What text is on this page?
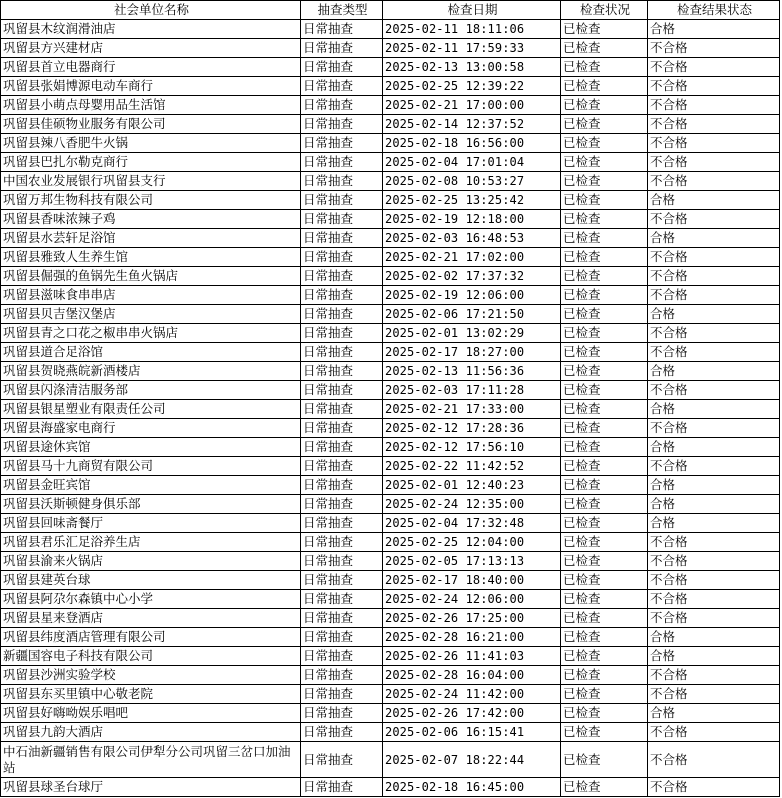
社会单位名称	抽查类型	检查日期	检查状况	检查结果状态
巩留县木纹润滑油店	日常抽查	2025-02-11 18:11:06	已检查	合格
巩留县方兴建材店	日常抽查	2025-02-11 17:59:33	已检查	不合格
巩留县首立电器商行	日常抽查	2025-02-13 13:00:58	已检查	不合格
巩留县张娟博源电动车商行	日常抽查	2025-02-25 12:39:22	已检查	不合格
巩留县小萌点母婴用品生活馆	日常抽查	2025-02-21 17:00:00	已检查	不合格
巩留县佳硕物业服务有限公司	日常抽查	2025-02-14 12:37:52	已检查	不合格
巩留县辣八香肥牛火锅	日常抽查	2025-02-18 16:56:00	已检查	不合格
巩留县巴扎尔勒克商行	日常抽查	2025-02-04 17:01:04	已检查	不合格
中国农业发展银行巩留县支行	日常抽查	2025-02-08 10:53:27	已检查	不合格
巩留万邦生物科技有限公司	日常抽查	2025-02-25 13:25:42	已检查	合格
巩留县香味浓辣子鸡	日常抽查	2025-02-19 12:18:00	已检查	不合格
巩留县水芸轩足浴馆	日常抽查	2025-02-03 16:48:53	已检查	合格
巩留县雅致人生养生馆	日常抽查	2025-02-21 17:02:00	已检查	不合格
巩留县倔强的鱼锅先生鱼火锅店	日常抽查	2025-02-02 17:37:32	已检查	不合格
巩留县滋味食串串店	日常抽查	2025-02-19 12:06:00	已检查	不合格
巩留县贝吉堡汉堡店	日常抽查	2025-02-06 17:21:50	已检查	合格
巩留县青之口花之椒串串火锅店	日常抽查	2025-02-01 13:02:29	已检查	不合格
巩留县道合足浴馆	日常抽查	2025-02-17 18:27:00	已检查	不合格
巩留县贺晓燕皖新酒楼店	日常抽查	2025-02-13 11:56:36	已检查	合格
巩留县闪涤清洁服务部	日常抽查	2025-02-03 17:11:28	已检查	不合格
巩留县银星塑业有限责任公司	日常抽查	2025-02-21 17:33:00	已检查	合格
巩留县海盛家电商行	日常抽查	2025-02-12 17:28:36	已检查	不合格
巩留县途休宾馆	日常抽查	2025-02-12 17:56:10	已检查	合格
巩留县马十九商贸有限公司	日常抽查	2025-02-22 11:42:52	已检查	不合格
巩留县金旺宾馆	日常抽查	2025-02-01 12:40:23	已检查	合格
巩留县沃斯顿健身俱乐部	日常抽查	2025-02-24 12:35:00	已检查	合格
巩留县回味斋餐厅	日常抽查	2025-02-04 17:32:48	已检查	合格
巩留县君乐汇足浴养生店	日常抽查	2025-02-25 12:04:00	已检查	不合格
巩留县渝来火锅店	日常抽查	2025-02-05 17:13:13	已检查	不合格
巩留县建英台球	日常抽查	2025-02-17 18:40:00	已检查	不合格
巩留县阿尕尔森镇中心小学	日常抽查	2025-02-24 12:06:00	已检查	不合格
巩留县星来登酒店	日常抽查	2025-02-26 17:25:00	已检查	不合格
巩留县纬度酒店管理有限公司	日常抽查	2025-02-28 16:21:00	已检查	合格
新疆国容电子科技有限公司	日常抽查	2025-02-26 11:41:03	已检查	合格
巩留县沙洲实验学校	日常抽查	2025-02-28 16:04:00	已检查	不合格
巩留县东买里镇中心敬老院	日常抽查	2025-02-24 11:42:00	已检查	不合格
巩留县好嗨呦娱乐唱吧	日常抽查	2025-02-26 17:42:00	已检查	合格
巩留县九韵大酒店	日常抽查	2025-02-06 16:15:41	已检查	不合格
中石油新疆销售有限公司伊犁分公司巩留三岔口加油站	日常抽查	2025-02-07 18:22:44	已检查	不合格
巩留县球圣台球厅	日常抽查	2025-02-18 16:45:00	已检查	不合格
